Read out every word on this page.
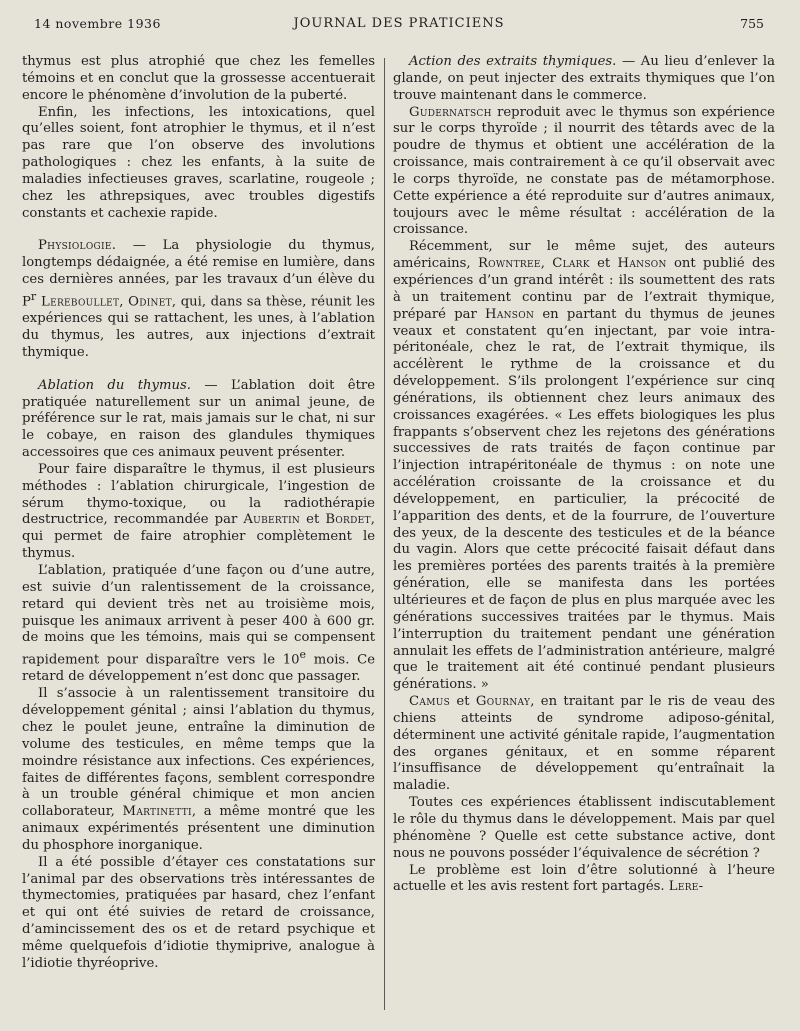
14 novembre 1936	JOURNAL DES PRATICIENS	755

thymus est plus atrophié que chez les femelles témoins et en conclut que la grossesse accentuerait encore le phénomène d’involution de la puberté.

Enfin, les infections, les intoxications, quel qu’elles soient, font atrophier le thymus, et il n’est pas rare que l’on observe des involutions pathologiques : chez les enfants, à la suite de maladies infectieuses graves, scarlatine, rougeole ; chez les athrepsiques, avec troubles digestifs constants et cachexie rapide.

Physiologie. — La physiologie du thymus, longtemps dédaignée, a été remise en lumière, dans ces dernières années, par les travaux d’un élève du $P^r$ Lereboullet, Odinet, qui, dans sa thèse, réunit les expériences qui se rattachent, les unes, à l’ablation du thymus, les autres, aux injections d’extrait thymique.

Ablation du thymus. — L’ablation doit être pratiquée naturellement sur un animal jeune, de préférence sur le rat, mais jamais sur le chat, ni sur le cobaye, en raison des glandules thymiques accessoires que ces animaux peuvent présenter.

Pour faire disparaître le thymus, il est plusieurs méthodes : l’ablation chirurgicale, l’ingestion de sérum thymo-toxique, ou la radiothérapie destructrice, recommandée par Aubertin et Bordet, qui permet de faire atrophier complètement le thymus.

L’ablation, pratiquée d’une façon ou d’une autre, est suivie d’un ralentissement de la croissance, retard qui devient très net au troisième mois, puisque les animaux arrivent à peser 400 à 600 gr. de moins que les témoins, mais qui se compensent rapidement pour disparaître vers le 10e mois. Ce retard de développement n’est donc que passager.

Il s’associe à un ralentissement transitoire du développement génital ; ainsi l’ablation du thymus, chez le poulet jeune, entraîne la diminution de volume des testicules, en même temps que la moindre résistance aux infections. Ces expériences, faites de différentes façons, semblent correspondre à un trouble général chimique et mon ancien collaborateur, Martinetti, a même montré que les animaux expérimentés présentent une diminution du phosphore inorganique.

Il a été possible d’étayer ces constatations sur l’animal par des observations très intéressantes de thymectomies, pratiquées par hasard, chez l’enfant et qui ont été suivies de retard de croissance, d’amincissement des os et de retard psychique et même quelquefois d’idiotie thymiprive, analogue à l’idiotie thyréoprive.

Action des extraits thymiques. — Au lieu d’enlever la glande, on peut injecter des extraits thymiques que l’on trouve maintenant dans le commerce.

Gudernatsch reproduit avec le thymus son expérience sur le corps thyroïde ; il nourrit des têtards avec de la poudre de thymus et obtient une accélération de la croissance, mais contrairement à ce qu’il observait avec le corps thyroïde, ne constate pas de métamorphose. Cette expérience a été reproduite sur d’autres animaux, toujours avec le même résultat : accélération de la croissance.

Récemment, sur le même sujet, des auteurs américains, Rowntree, Clark et Hanson ont publié des expériences d’un grand intérêt : ils soumettent des rats à un traitement continu par de l’extrait thymique, préparé par Hanson en partant du thymus de jeunes veaux et constatent qu’en injectant, par voie intra-péritonéale, chez le rat, de l’extrait thymique, ils accélèrent le rythme de la croissance et du développement. S’ils prolongent l’expérience sur cinq générations, ils obtiennent chez leurs animaux des croissances exagérées. « Les effets biologiques les plus frappants s’observent chez les rejetons des générations successives de rats traités de façon continue par l’injection intrapéritonéale de thymus : on note une accélération croissante de la croissance et du développement, en particulier, la précocité de l’apparition des dents, et de la fourrure, de l’ouverture des yeux, de la descente des testicules et de la béance du vagin. Alors que cette précocité faisait défaut dans les premières portées des parents traités à la première génération, elle se manifesta dans les portées ultérieures et de façon de plus en plus marquée avec les générations successives traitées par le thymus. Mais l’interruption du traitement pendant une génération annulait les effets de l’administration antérieure, malgré que le traitement ait été continué pendant plusieurs générations. »

Camus et Gournay, en traitant par le ris de veau des chiens atteints de syndrome adiposo-génital, déterminent une activité génitale rapide, l’augmentation des organes génitaux, et en somme réparent l’insuffisance de développement qu’entraînait la maladie.

Toutes ces expériences établissent indiscutablement le rôle du thymus dans le développement. Mais par quel phénomène ? Quelle est cette substance active, dont nous ne pouvons posséder l’équivalence de sécrétion ?

Le problème est loin d’être solutionné à l’heure actuelle et les avis restent fort partagés. Lere-
